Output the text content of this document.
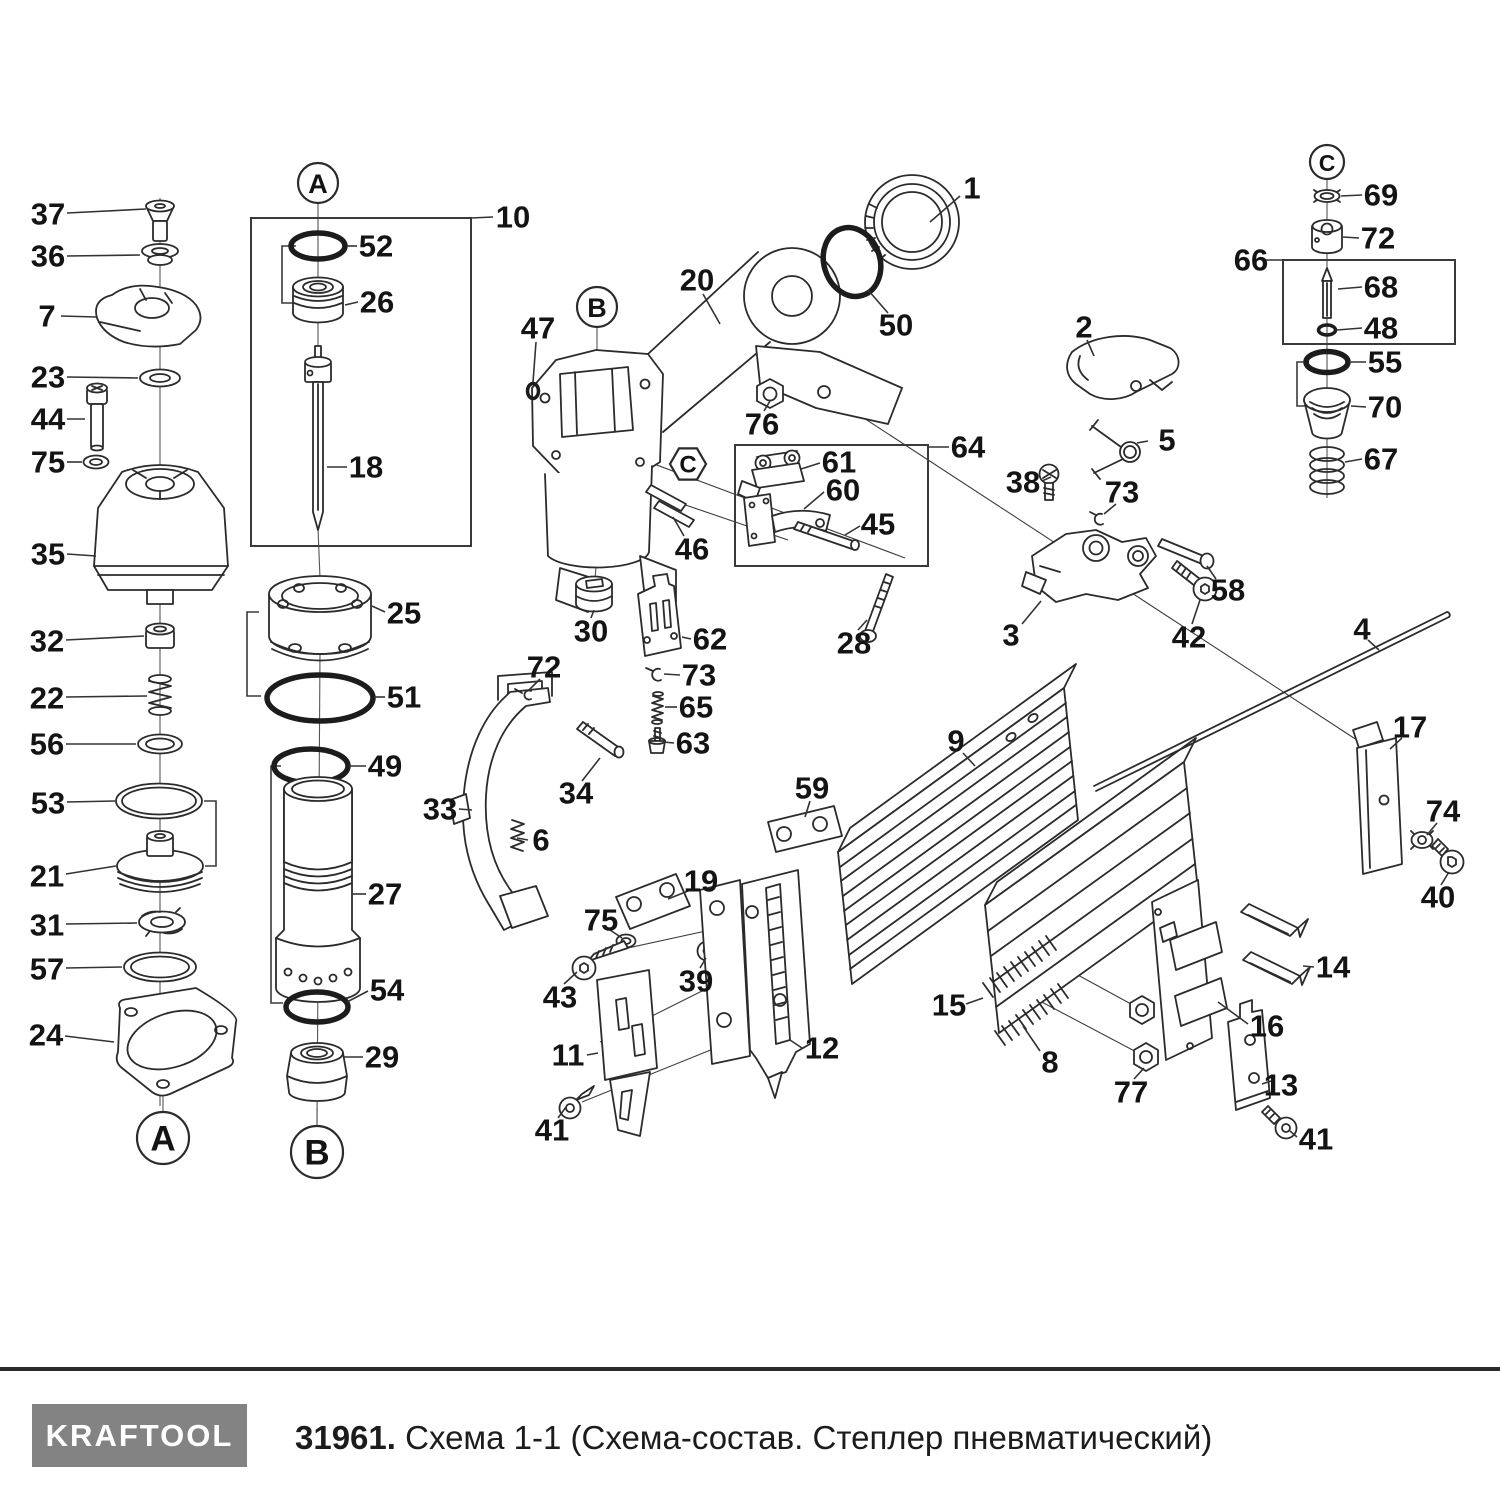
37
36
7
23
44
75
35
32
22
56
53
21
31
57
24
10
52
26
18
25
51
49
27
54
29
33
1
20
50
47
76
30
46
62
72	73
65
63
34
6
59
19
75
43	39
11
41
12
64
61
60
45
28
2
5
38 73
58
42
3
9
4
17
74
40
14
15
16
8
77	13
41
69
72
66
68
48
55
70
67
A
B
C
C
A	B
KRAFTOOL 31961. Схема 1-1 (Схема-состав. Степлер пневматический)
